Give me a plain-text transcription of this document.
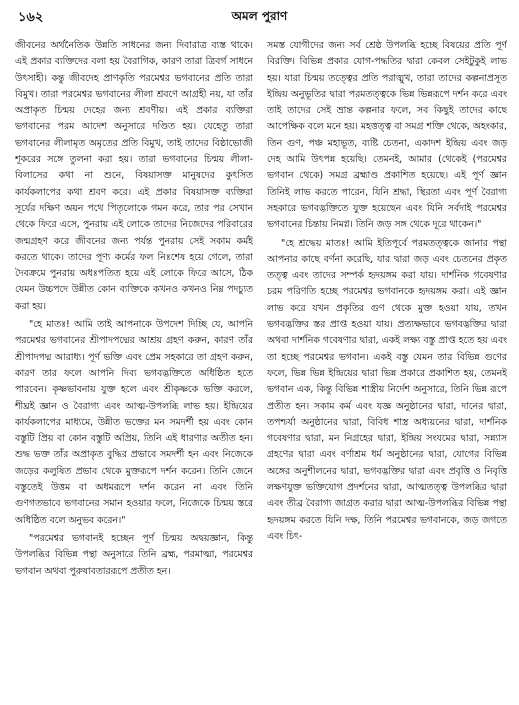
১৬২	অমল পুরাণ

জীবনের অর্থনৈতিক উন্নতি সাধনের জন্য দিবারাত্র ব্যস্ত থাকে। এই প্রকার ব্যক্তিদের বলা হয় বৈরাগিক, কারণ তারা ত্রিবর্গ সাধনে উৎসাহী। কন্তু জীবদেহ প্রাণকৃতি পরমেশ্বর ভগবানের প্রতি তারা বিমুখ। তারা পরমেশ্বর ভগবানের লীলা শ্রবণে আগ্রহী নয়, যা তাঁর অপ্রাকৃত চিন্ময় দেহের জন্য শ্রবণীয়। এই প্রকার ব্যক্তিরা ভগবানের পরম আদেশ অনুসারে দণ্ডিত হয়। যেহেতু তারা ভগবানের লীলামৃত অমৃতের প্রতি বিমুখ, তাই তাদের বিষ্ঠাভোজী শূকরের সঙ্গে তুলনা করা হয়। তারা ভগবানের চিন্ময় লীলা-বিলাসের কথা না শুনে, বিষয়াসক্ত মানুষদের কুৎসিত কার্যকলাপের কথা শ্রবণ করে। এই প্রকার বিষয়াসক্ত ব্যক্তিরা সূর্যের দক্ষিণ অয়ন পথে পিতৃলোকে গমন করে, তার পর সেখান থেকে ফিরে এসে, পুনরায় এই লোকে তাদের নিজেদের পরিবারের জন্মগ্রহণ করে জীবনের জন্য পর্যন্ত পুনরায় সেই সকাম কর্মই করতে থাকে। তাদের পূণ্য কর্মের ফল নিঃশেষ হয়ে গেলে, তারা দৈবক্রমে পুনরায় অধঃপতিত হয়ে এই লোকে ফিরে আসে, ঠিক যেমন উচ্চপদে উন্নীত কোন ব্যক্তিকে কখনও কখনও নিম্ন পদচ্যুত করা হয়।

"হে মাতঃ! আমি তাই আপনাকে উপদেশ দিচ্ছি যে, আপনি পরমেশ্বর ভগবানের শ্রীপাদপদ্মের আশ্রয় গ্রহণ করুন, কারণ তাঁর শ্রীপাদপদ্ম আরাধ্য। পূর্ণ ভক্তি এবং প্রেম সহকারে তা গ্রহণ করুন, কারণ তার ফলে আপনি দিব্য ভগবদ্ভক্তিতে অধিষ্ঠিত হতে পারবেন। কৃষ্ণভাবনায় যুক্ত হলে এবং শ্রীকৃষ্ণকে ভক্তি করলে, শীঘ্রই জ্ঞান ও বৈরাগ্য এবং আত্ম-উপলব্ধি লাভ হয়। ইন্দ্রিয়ের কার্যকলাপের মাধ্যমে, উন্নীত ভক্তের মন সমদর্শী হয় এবং কোন বস্তুটি প্রিয় বা কোন বস্তুটি অপ্রিয়, তিনি এই ধারণার অতীত হন। শুদ্ধ ভক্ত তাঁর অপ্রাকৃত বুদ্ধির প্রভাবে সমদর্শী হন এবং নিজেকে জড়ের কলুষিত প্রভাব থেকে মুক্তরূপে দর্শন করেন। তিনি জেনে বস্তুতেই উত্তম বা অধমরূপে দর্শন করেন না এবং তিনি গুণগতভাবে ভগবানের সমান হওয়ার ফলে, নিজেকে চিন্ময় স্তরে অধিষ্ঠিত বলে অনুভব করেন।"

"পরমেশ্বর ভগবানই হচ্ছেন পূর্ণ চিন্ময় অদ্বয়জ্ঞান, কিন্তু উপলব্ধির বিভিন্ন পন্থা অনুসারে তিনি ব্রহ্ম, পরমাত্মা, পরমেশ্বর ভগবান অথবা পুরুষাবতাররূপে প্রতীত হন।

সমস্ত যোগীদের জন্য সর্ব শ্রেষ্ঠ উপলব্ধি হচ্ছে বিষয়ের প্রতি পূর্ণ বিরক্তি। বিভিন্ন প্রকার যোগ-পদ্ধতির দ্বারা কেবল সেইটুকুই লাভ হয়। যারা চিন্ময় তত্ত্বের প্রতি পরাঙ্মুখ, তারা তাদের কল্পনাপ্রসূত ইন্দ্রিয় অনুভূতির দ্বারা পরমতত্ত্বকে ভিন্ন ভিন্নরূপে দর্শন করে এবং তাই তাদের সেই ভ্রান্ত কল্পনার ফলে, সব কিছুই তাদের কাছে আপেক্ষিক বলে মনে হয়। মহত্তত্ত্ব বা সমগ্র শক্তি থেকে, অহংকার, তিন গুণ, পঞ্চ মহাভূত, ব্যষ্টি চেতনা, একাদশ ইন্দ্রিয় এবং জড় দেহ আমি উৎপন্ন হয়েছি। তেমনই, আমার (থেকেই (পরমেশ্বর ভগবান থেকে) সমগ্র ব্রহ্মাণ্ড প্রকাশিত হয়েছে। এই পূর্ণ জ্ঞান তিনিই লাভ করতে পারেন, যিনি শ্রদ্ধা, স্থিরতা এবং পূর্ণ বৈরাগ্য সহকারে ভগবদ্ভক্তিতে যুক্ত হয়েছেন এবং যিনি সর্বদাই পরমেশ্বর ভগবানের চিন্তায় নিমগ্ন। তিনি জড় সঙ্গ থেকে দূরে থাকেন।"

"হে শ্রদ্ধেয় মাতঃ! আমি ইতিপূর্বে পরমতত্ত্বকে জানার পন্থা আপনার কাছে বর্ণনা করেছি, যার দ্বারা জড় এবং চেতনের প্রকৃত তত্ত্ব এবং তাদের সম্পর্ক হৃদয়ঙ্গম করা যায়। দার্শনিক গবেষণার চরম পরিণতি হচ্ছে পরমেশ্বর ভগবানকে হৃদয়ঙ্গম করা। এই জ্ঞান লাভ করে যখন প্রকৃতির গুণ থেকে মুক্ত হওয়া যায়, তখন ভগবদ্ভক্তির স্তর প্রাপ্ত হওয়া যায়। প্রত্যক্ষভাবে ভগবদ্ভক্তির দ্বারা অথবা দার্শনিক গবেষণার দ্বারা, একই লক্ষ্য বস্তু প্রাপ্ত হতে হয় এবং তা হচ্ছে পরমেশ্বর ভগবান। একই বস্তু যেমন তার বিভিন্ন গুণের ফলে, ভিন্ন ভিন্ন ইন্দ্রিয়ের দ্বারা ভিন্ন প্রকারে প্রকাশিত হয়, তেমনই ভগবান এক, কিন্তু বিভিন্ন শাস্ত্রীয় নির্দেশ অনুসারে, তিনি ভিন্ন রূপে প্রতীত হন। সকাম কর্ম এবং যজ্ঞ অনুষ্ঠানের দ্বারা, দানের দ্বারা, তপশ্চর্যা অনুষ্ঠানের দ্বারা, বিবিধ শাস্ত্র অধ্যয়নের দ্বারা, দার্শনিক গবেষণার দ্বারা, মন নিগ্রহের দ্বারা, ইন্দ্রিয় সংযমের দ্বারা, সন্ন্যাস গ্রহণের দ্বারা এবং বর্ণাশ্রম ধর্ম অনুষ্ঠানের দ্বারা, যোগের বিভিন্ন অঙ্গের অনুশীলনের দ্বারা, ভগবদ্ভক্তির দ্বারা এবং প্রবৃত্তি ও নিবৃত্তি লক্ষণযুক্ত ভক্তিযোগ প্রদর্শনের দ্বারা, আত্মতত্ত্ব উপলব্ধির দ্বারা এবং তীব্র বৈরাগ্য জাগ্রত করার দ্বারা আত্ম-উপলব্ধির বিভিন্ন পন্থা হৃদয়ঙ্গম করতে যিনি দক্ষ, তিনি পরমেশ্বর ভগবানকে, জড় জগতে এবং চিৎ-
